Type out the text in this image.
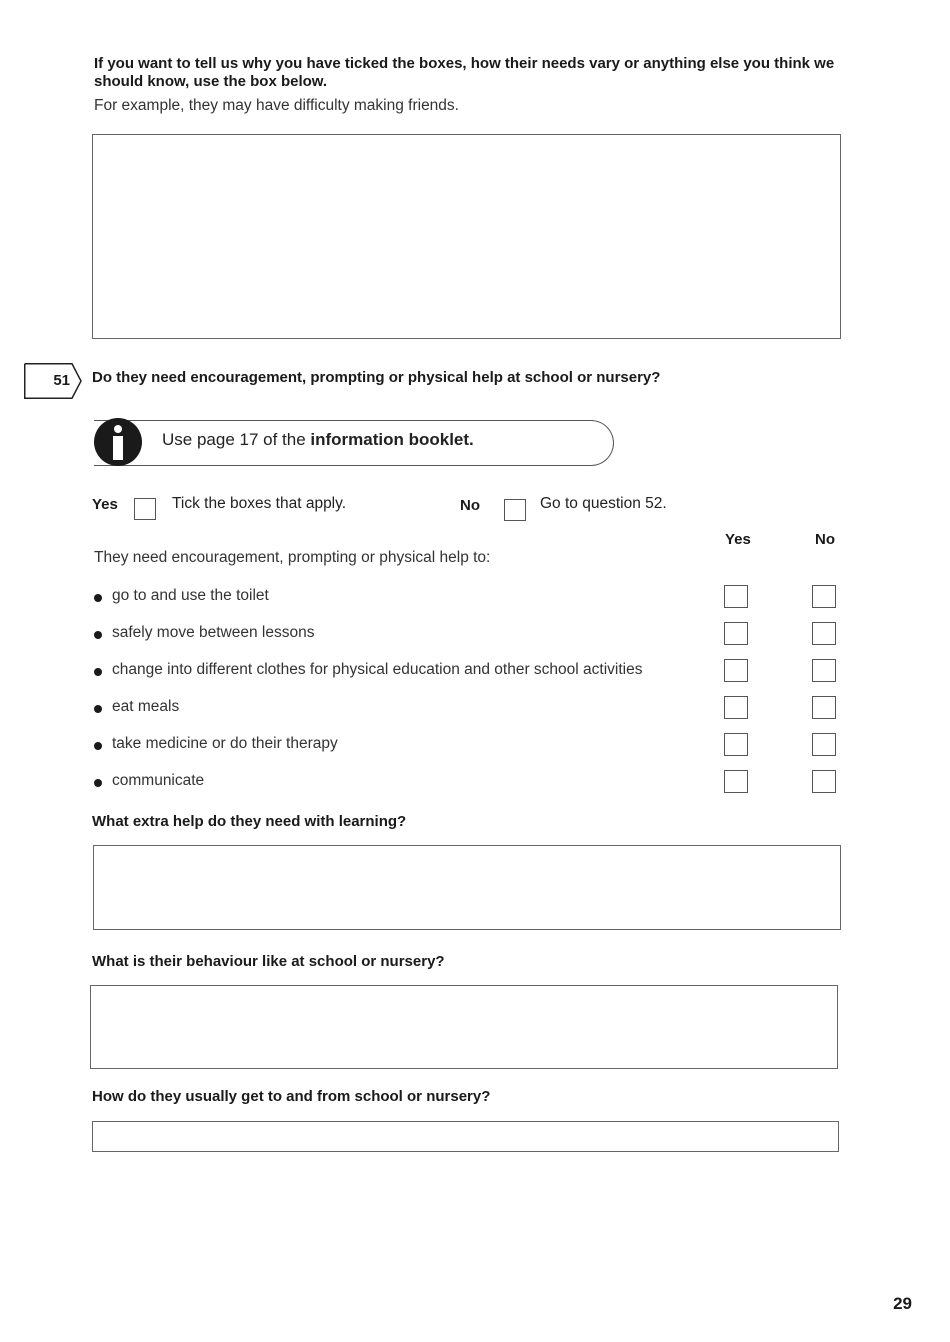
If you want to tell us why you have ticked the boxes, how their needs vary or anything else you think we should know, use the box below.
For example, they may have difficulty making friends.
51 Do they need encouragement, prompting or physical help at school or nursery?
Use page 17 of the information booklet.
Yes	Tick the boxes that apply.	No	Go to question 52.
Yes	No
They need encouragement, prompting or physical help to:
go to and use the toilet
safely move between lessons
change into different clothes for physical education and other school activities
eat meals
take medicine or do their therapy
communicate
What extra help do they need with learning?
What is their behaviour like at school or nursery?
How do they usually get to and from school or nursery?
29
